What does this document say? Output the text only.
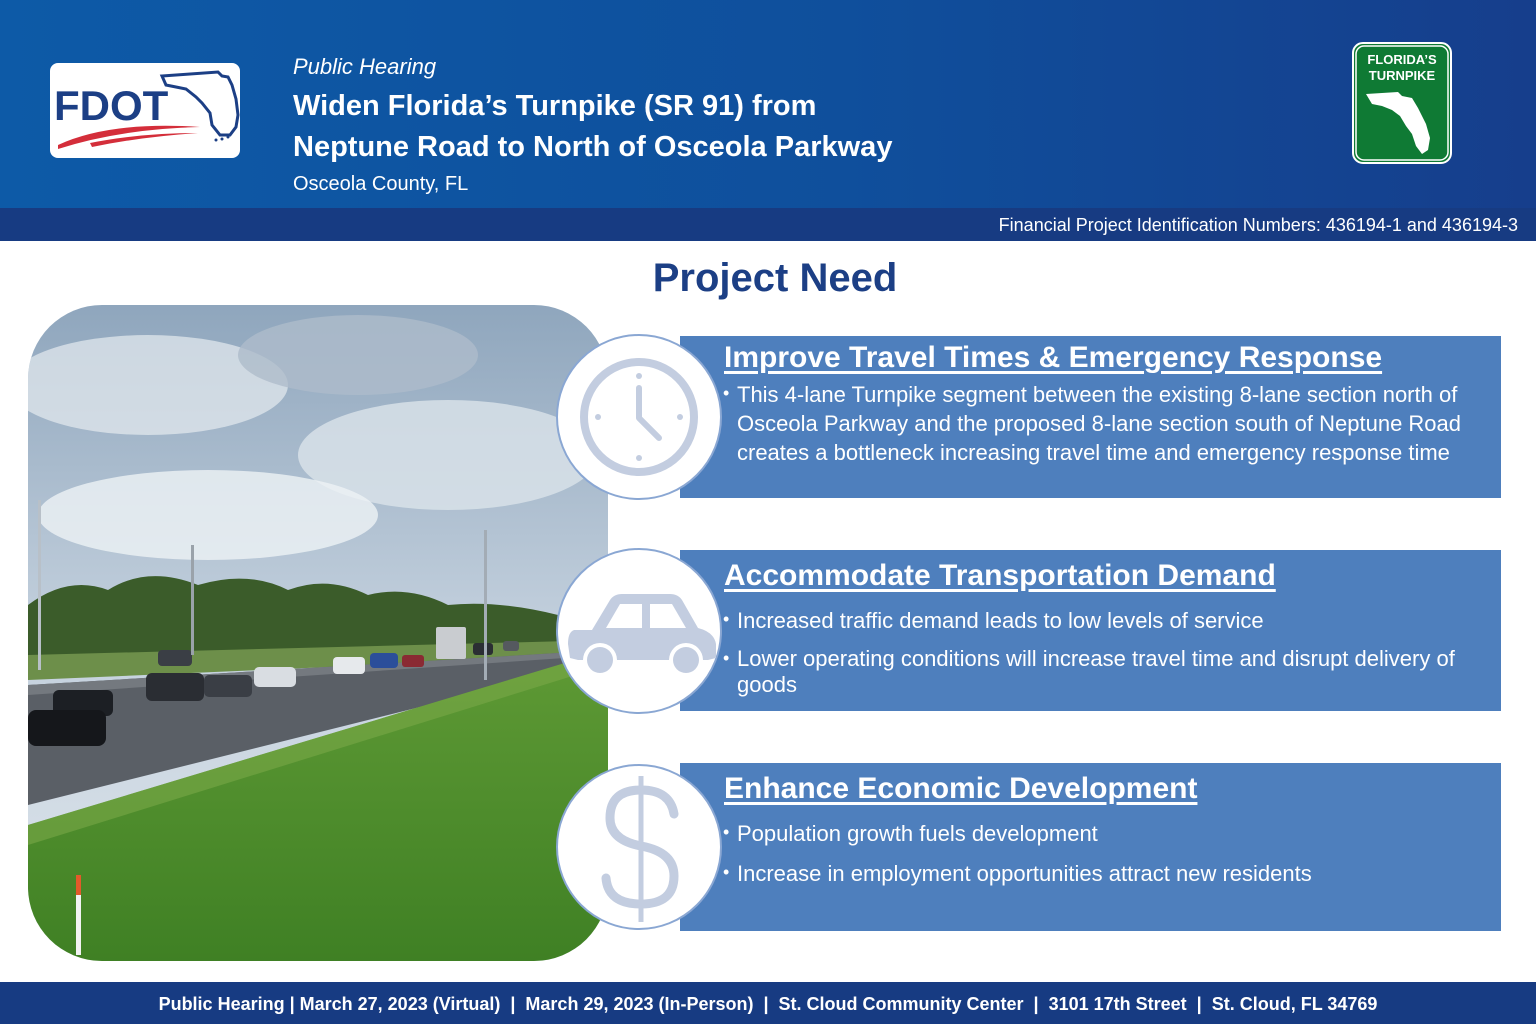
FDOT
Public Hearing
Widen Florida’s Turnpike (SR 91) from
Neptune Road to North of Osceola Parkway
Osceola County, FL
FLORIDA’S
TURNPIKE
Financial Project Identification Numbers: 436194-1 and 436194-3
Project Need
Improve Travel Times & Emergency Response
• This 4-lane Turnpike segment between the existing 8-lane section north of Osceola Parkway and the proposed 8-lane section south of Neptune Road creates a bottleneck increasing travel time and emergency response time
Accommodate Transportation Demand
• Increased traffic demand leads to low levels of service
• Lower operating conditions will increase travel time and disrupt delivery of goods
Enhance Economic Development
• Population growth fuels development
• Increase in employment opportunities attract new residents
Public Hearing | March 27, 2023 (Virtual)  |  March 29, 2023 (In-Person)  |  St. Cloud Community Center  |  3101 17th Street  |  St. Cloud, FL 34769
